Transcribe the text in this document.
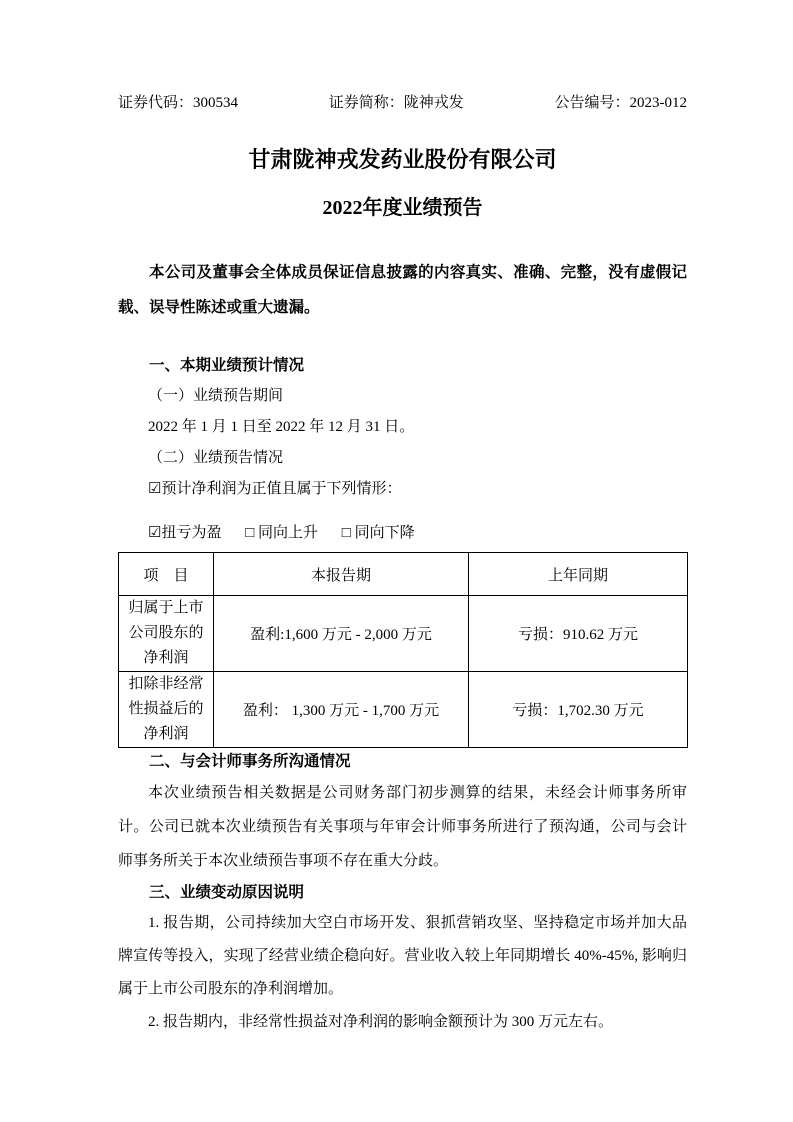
证券代码：300534	证券简称：陇神戎发	公告编号：2023-012
甘肃陇神戎发药业股份有限公司
2022年度业绩预告

本公司及董事会全体成员保证信息披露的内容真实、准确、完整，没有虚假记载、误导性陈述或重大遗漏。

一、本期业绩预计情况

（一）业绩预告期间

2022 年 1 月 1 日至 2022 年 12 月 31 日。

（二）业绩预告情况

☑预计净利润为正值且属于下列情形：

☑扭亏为盈 □ 同向上升 □ 同向下降

项　目	本报告期	上年同期
归属于上市公司股东的净利润	盈利:1,600 万元 - 2,000 万元	亏损：910.62 万元
扣除非经常性损益后的净利润	盈利： 1,300 万元 - 1,700 万元	亏损：1,702.30 万元
二、与会计师事务所沟通情况

本次业绩预告相关数据是公司财务部门初步测算的结果，未经会计师事务所审计。公司已就本次业绩预告有关事项与年审会计师事务所进行了预沟通，公司与会计师事务所关于本次业绩预告事项不存在重大分歧。

三、业绩变动原因说明

1. 报告期，公司持续加大空白市场开发、狠抓营销攻坚、坚持稳定市场并加大品牌宣传等投入，实现了经营业绩企稳向好。营业收入较上年同期增长 40%-45%, 影响归属于上市公司股东的净利润增加。

2. 报告期内，非经常性损益对净利润的影响金额预计为 300 万元左右。
